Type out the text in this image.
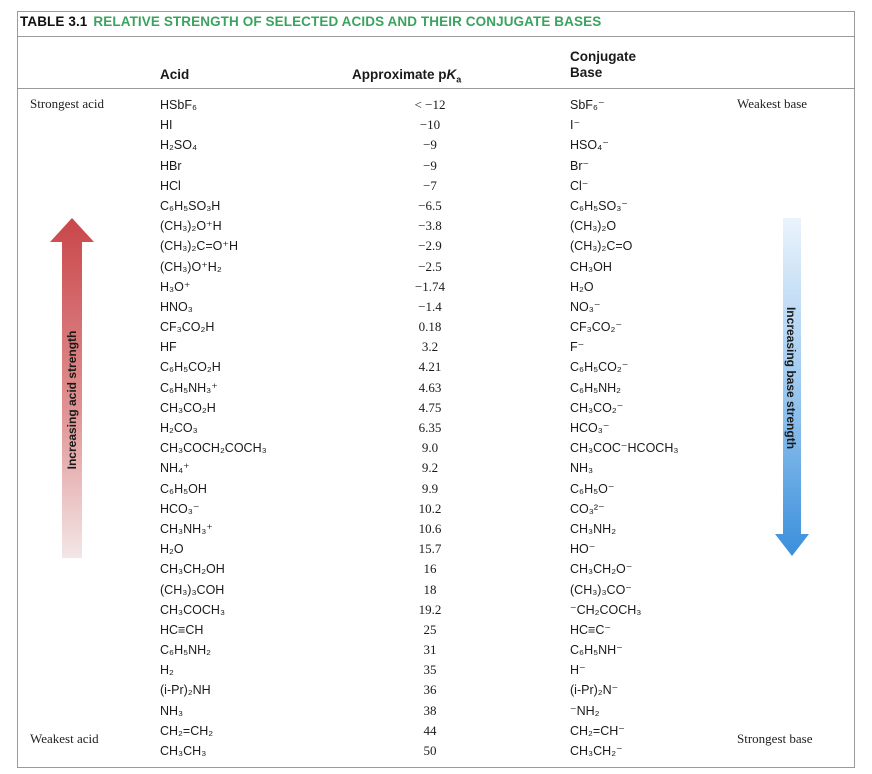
TABLE 3.1 RELATIVE STRENGTH OF SELECTED ACIDS AND THEIR CONJUGATE BASES
Acid	Approximate $pK_a$
Conjugate
Base
Strongest acid
Weakest acid
Weakest base
Strongest base
Increasing acid strength	Increasing base strength
HSbF₆
HI
H₂SO₄
HBr
HCl
C₆H₅SO₃H
(CH₃)₂O⁺H
(CH₃)₂C=O⁺H
(CH₃)O⁺H₂
H₃O⁺
HNO₃
CF₃CO₂H
HF
C₆H₅CO₂H
C₆H₅NH₃⁺
CH₃CO₂H
H₂CO₃
CH₃COCH₂COCH₃
NH₄⁺
C₆H₅OH
HCO₃⁻
CH₃NH₃⁺
H₂O
CH₃CH₂OH
(CH₃)₃COH
CH₃COCH₃
HC≡CH
C₆H₅NH₂
H₂
(i-Pr)₂NH
NH₃
CH₂=CH₂
CH₃CH₃
< −12
−10
−9
−9
−7
−6.5
−3.8
−2.9
−2.5
−1.74
−1.4
0.18
3.2
4.21
4.63
4.75
6.35
9.0
9.2
9.9
10.2
10.6
15.7
16
18
19.2
25
31
35
36
38
44
50
SbF₆⁻
I⁻
HSO₄⁻
Br⁻
Cl⁻
C₆H₅SO₃⁻
(CH₃)₂O
(CH₃)₂C=O
CH₃OH
H₂O
NO₃⁻
CF₃CO₂⁻
F⁻
C₆H₅CO₂⁻
C₆H₅NH₂
CH₃CO₂⁻
HCO₃⁻
CH₃COC⁻HCOCH₃
NH₃
C₆H₅O⁻
CO₃²⁻
CH₃NH₂
HO⁻
CH₃CH₂O⁻
(CH₃)₃CO⁻
⁻CH₂COCH₃
HC≡C⁻
C₆H₅NH⁻
H⁻
(i-Pr)₂N⁻
⁻NH₂
CH₂=CH⁻
CH₃CH₂⁻
